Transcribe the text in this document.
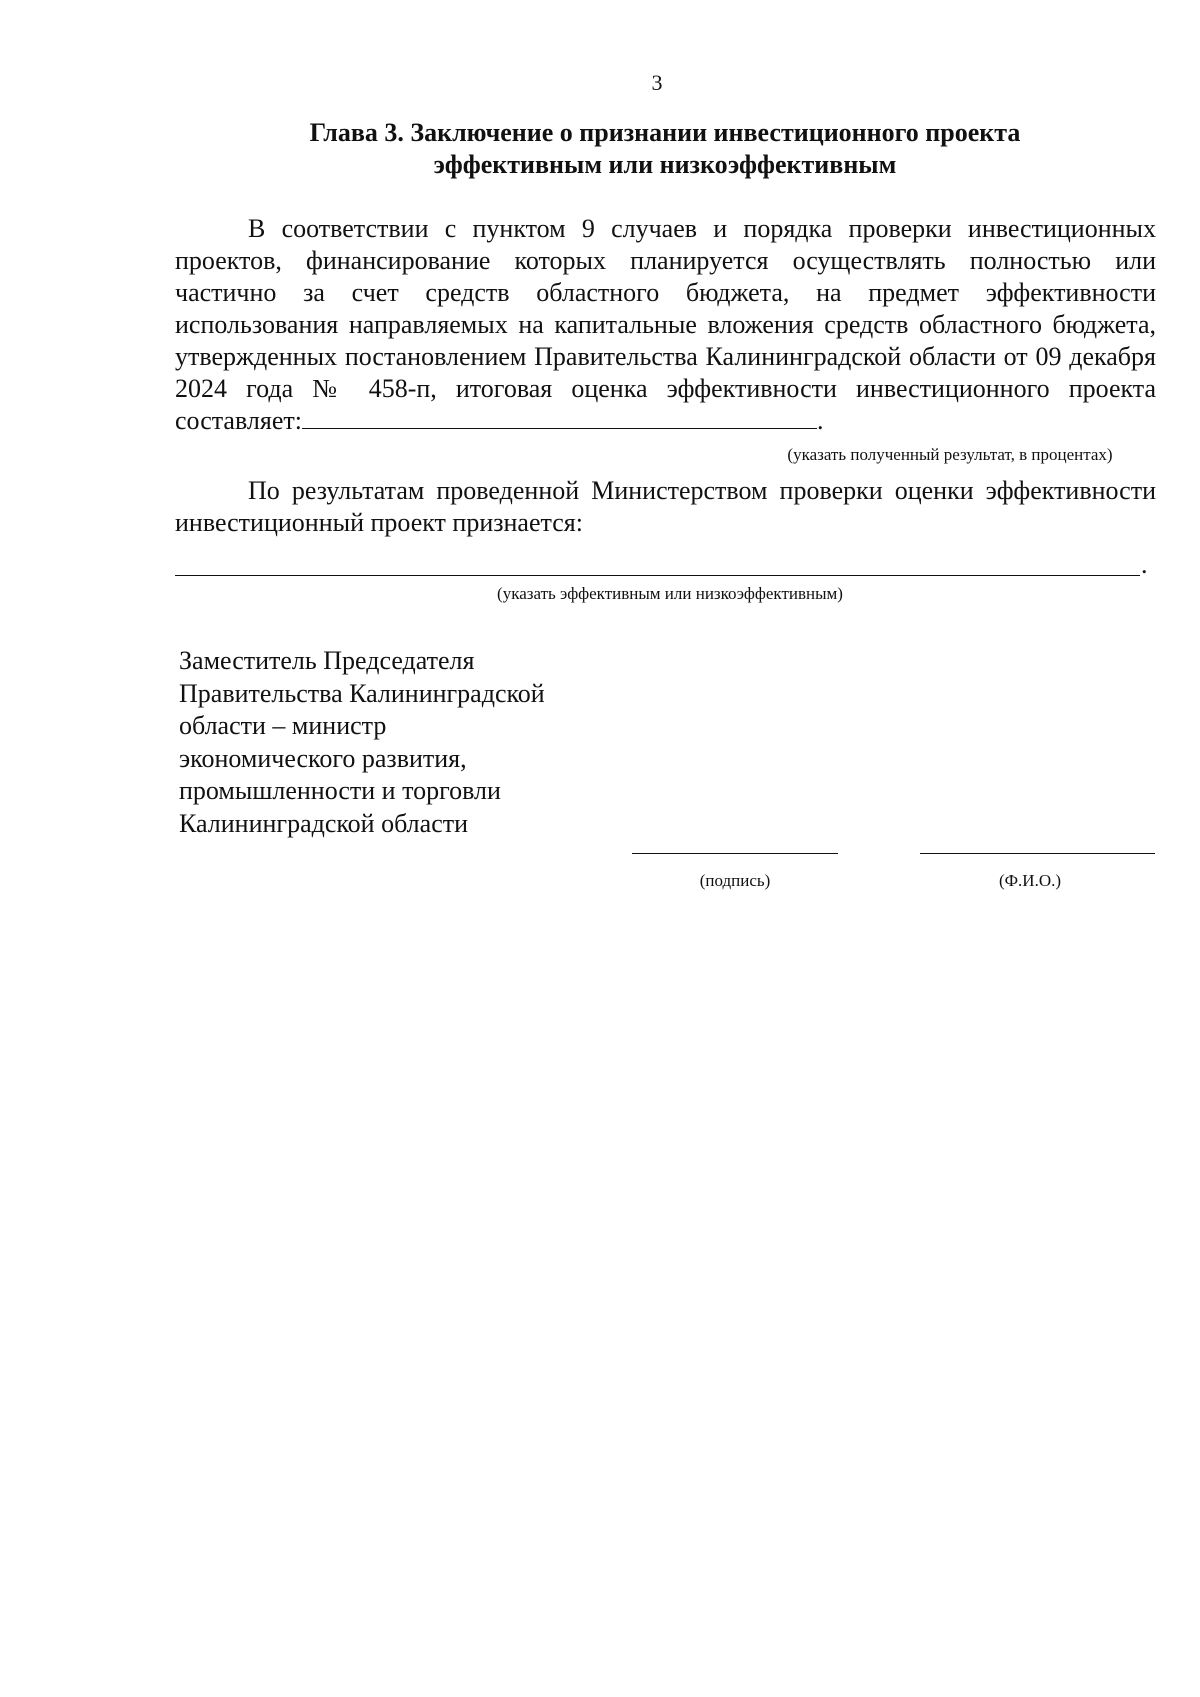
3
Глава 3. Заключение о признании инвестиционного проекта
эффективным или низкоэффективным
В соответствии с пунктом 9 случаев и порядка проверки инвестиционных проектов, финансирование которых планируется осуществлять полностью или частично за счет средств областного бюджета, на предмет эффективности использования направляемых на капитальные вложения средств областного бюджета, утвержденных постановлением Правительства Калининградской области от 09 декабря 2024 года № 458-п, итоговая оценка эффективности инвестиционного проекта составляет:	.
(указать полученный результат, в процентах)
По результатам проведенной Министерством проверки оценки эффективности инвестиционный проект признается:
.
(указать эффективным или низкоэффективным)
Заместитель Председателя
Правительства Калининградской
области – министр
экономического развития,
промышленности и торговли
Калининградской области
(подпись)	(Ф.И.О.)
